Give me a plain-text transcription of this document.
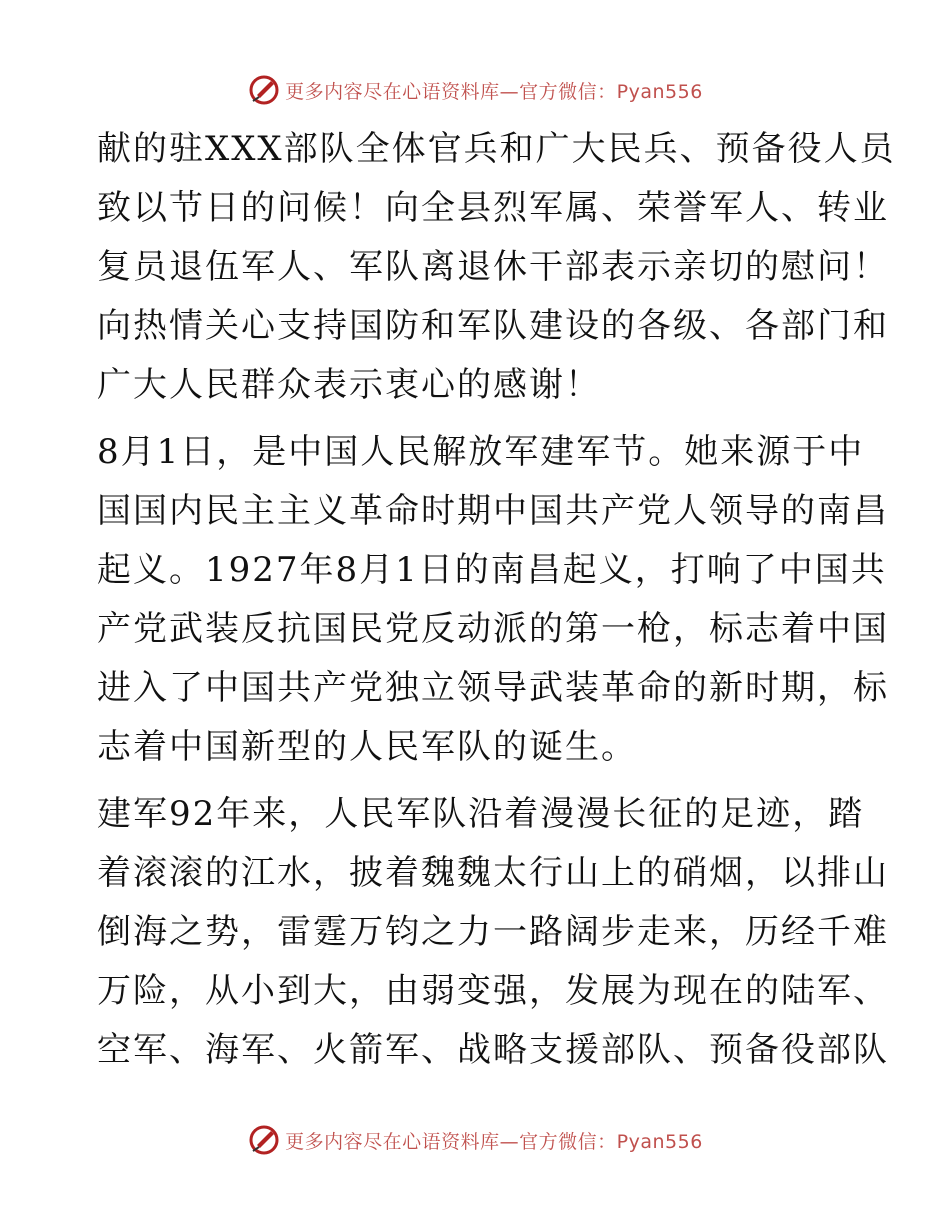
更多内容尽在心语资料库—官方微信：Pyan556

献的驻XXX部队全体官兵和广大民兵、预备役人员
致以节日的问候！向全县烈军属、荣誉军人、转业
复员退伍军人、军队离退休干部表示亲切的慰问！
向热情关心支持国防和军队建设的各级、各部门和
广大人民群众表示衷心的感谢！

8月1日，是中国人民解放军建军节。她来源于中
国国内民主主义革命时期中国共产党人领导的南昌
起义。1927年8月1日的南昌起义，打响了中国共
产党武装反抗国民党反动派的第一枪，标志着中国
进入了中国共产党独立领导武装革命的新时期，标
志着中国新型的人民军队的诞生。

建军92年来，人民军队沿着漫漫长征的足迹，踏
着滚滚的江水，披着魏魏太行山上的硝烟，以排山
倒海之势，雷霆万钧之力一路阔步走来，历经千难
万险，从小到大，由弱变强，发展为现在的陆军、
空军、海军、火箭军、战略支援部队、预备役部队

更多内容尽在心语资料库—官方微信：Pyan556
